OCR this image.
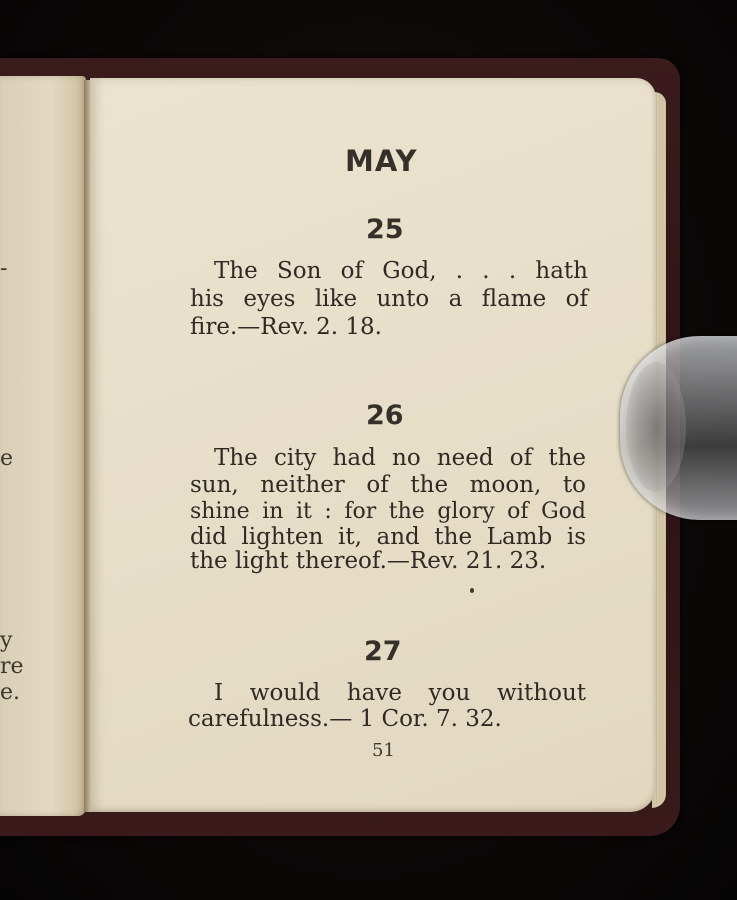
-
e
y
re
e.
MAY
25
The Son of God, . . . hath
his eyes like unto a flame of
fire.—Rev. 2. 18.
26
The city had no need of the
sun, neither of the moon, to
shine in it : for the glory of God
did lighten it, and the Lamb is
the light thereof.—Rev. 21. 23.
27
I would have you without
carefulness.— 1 Cor. 7. 32.
51
